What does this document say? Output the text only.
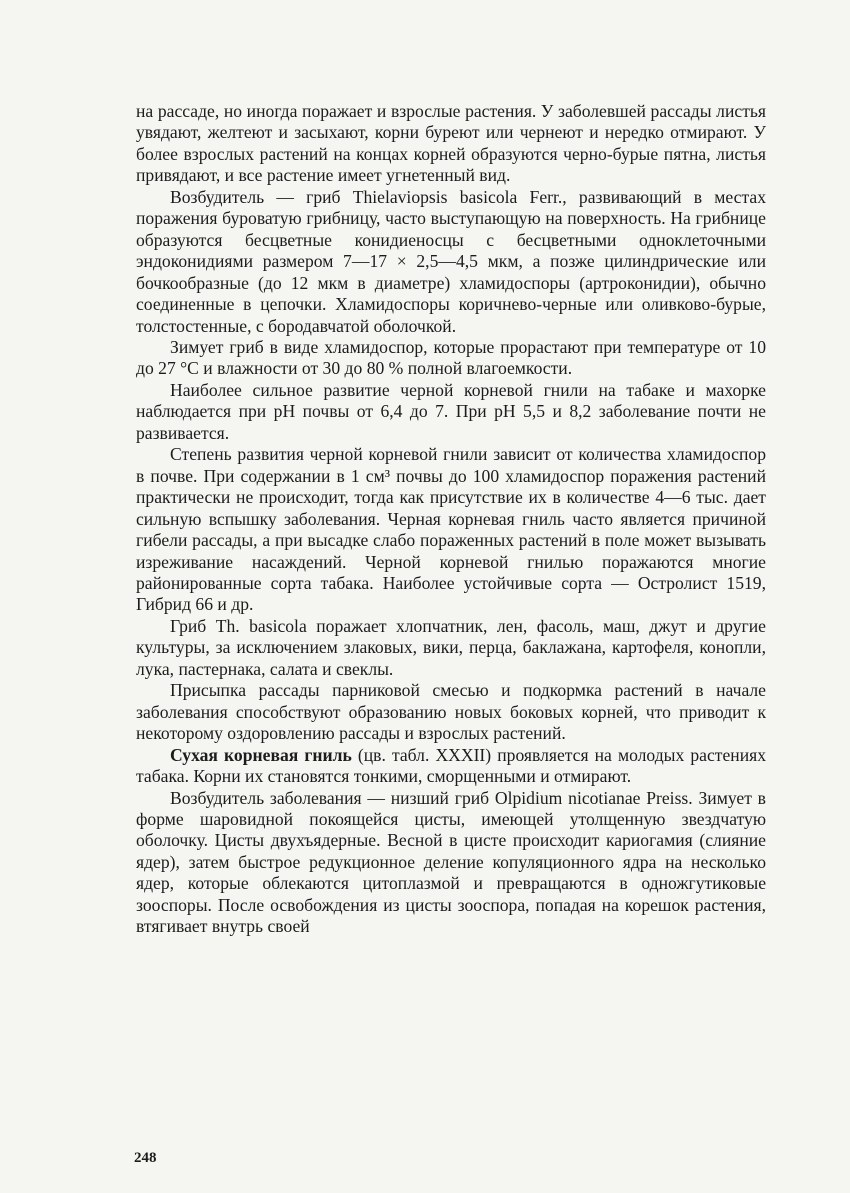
на рассаде, но иногда поражает и взрослые растения. У заболевшей рассады листья увядают, желтеют и засыхают, корни буреют или чернеют и нередко отмирают. У более взрослых растений на концах корней образуются черно-бурые пятна, листья привядают, и все растение имеет угнетенный вид.

Возбудитель — гриб Thielaviopsis basicola Ferr., развивающий в местах поражения буроватую грибницу, часто выступающую на поверхность. На грибнице образуются бесцветные конидиеносцы с бесцветными одноклеточными эндоконидиями размером 7—17 × 2,5—4,5 мкм, а позже цилиндрические или бочкообразные (до 12 мкм в диаметре) хламидоспоры (артроконидии), обычно соединенные в цепочки. Хламидоспоры коричнево-черные или оливково-бурые, толстостенные, с бородавчатой оболочкой.

Зимует гриб в виде хламидоспор, которые прорастают при температуре от 10 до 27 °С и влажности от 30 до 80 % полной влагоемкости.

Наиболее сильное развитие черной корневой гнили на табаке и махорке наблюдается при рН почвы от 6,4 до 7. При рН 5,5 и 8,2 заболевание почти не развивается.

Степень развития черной корневой гнили зависит от количества хламидоспор в почве. При содержании в 1 см³ почвы до 100 хламидоспор поражения растений практически не происходит, тогда как присутствие их в количестве 4—6 тыс. дает сильную вспышку заболевания. Черная корневая гниль часто является причиной гибели рассады, а при высадке слабо пораженных растений в поле может вызывать изреживание насаждений. Черной корневой гнилью поражаются многие районированные сорта табака. Наиболее устойчивые сорта — Остролист 1519, Гибрид 66 и др.

Гриб Th. basicola поражает хлопчатник, лен, фасоль, маш, джут и другие культуры, за исключением злаковых, вики, перца, баклажана, картофеля, конопли, лука, пастернака, салата и свеклы.

Присыпка рассады парниковой смесью и подкормка растений в начале заболевания способствуют образованию новых боковых корней, что приводит к некоторому оздоровлению рассады и взрослых растений.

Сухая корневая гниль (цв. табл. XXXII) проявляется на молодых растениях табака. Корни их становятся тонкими, сморщенными и отмирают.

Возбудитель заболевания — низший гриб Olpidium nicotianae Preiss. Зимует в форме шаровидной покоящейся цисты, имеющей утолщенную звездчатую оболочку. Цисты двухъядерные. Весной в цисте происходит кариогамия (слияние ядер), затем быстрое редукционное деление копуляционного ядра на несколько ядер, которые облекаются цитоплазмой и превращаются в одножгутиковые зооспоры. После освобождения из цисты зооспора, попадая на корешок растения, втягивает внутрь своей

248
